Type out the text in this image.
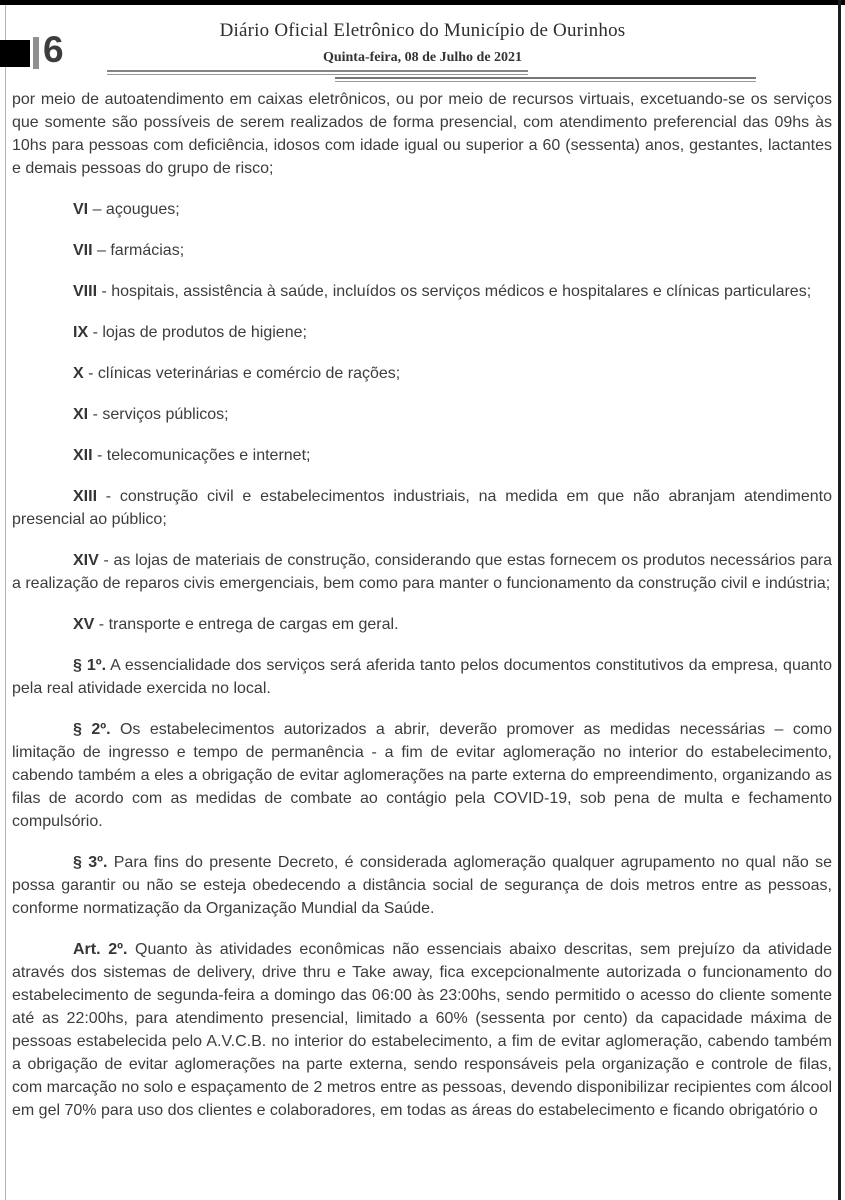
6	Diário Oficial Eletrônico do Município de Ourinhos
Quinta-feira, 08 de Julho de 2021

por meio de autoatendimento em caixas eletrônicos, ou por meio de recursos virtuais, excetuando-se os serviços que somente são possíveis de serem realizados de forma presencial, com atendimento preferencial das 09hs às 10hs para pessoas com deficiência, idosos com idade igual ou superior a 60 (sessenta) anos, gestantes, lactantes e demais pessoas do grupo de risco;

VI – açougues;

VII – farmácias;

VIII - hospitais, assistência à saúde, incluídos os serviços médicos e hospitalares e clínicas particulares;

IX - lojas de produtos de higiene;

X - clínicas veterinárias e comércio de rações;

XI - serviços públicos;

XII - telecomunicações e internet;

XIII - construção civil e estabelecimentos industriais, na medida em que não abranjam atendimento presencial ao público;

XIV - as lojas de materiais de construção, considerando que estas fornecem os produtos necessários para a realização de reparos civis emergenciais, bem como para manter o funcionamento da construção civil e indústria;

XV - transporte e entrega de cargas em geral.

§ 1º. A essencialidade dos serviços será aferida tanto pelos documentos constitutivos da empresa, quanto pela real atividade exercida no local.

§ 2º. Os estabelecimentos autorizados a abrir, deverão promover as medidas necessárias – como limitação de ingresso e tempo de permanência - a fim de evitar aglomeração no interior do estabelecimento, cabendo também a eles a obrigação de evitar aglomerações na parte externa do empreendimento, organizando as filas de acordo com as medidas de combate ao contágio pela COVID-19, sob pena de multa e fechamento compulsório.

§ 3º. Para fins do presente Decreto, é considerada aglomeração qualquer agrupamento no qual não se possa garantir ou não se esteja obedecendo a distância social de segurança de dois metros entre as pessoas, conforme normatização da Organização Mundial da Saúde.

Art. 2º. Quanto às atividades econômicas não essenciais abaixo descritas, sem prejuízo da atividade através dos sistemas de delivery, drive thru e Take away, fica excepcionalmente autorizada o funcionamento do estabelecimento de segunda-feira a domingo das 06:00 às 23:00hs, sendo permitido o acesso do cliente somente até as 22:00hs, para atendimento presencial, limitado a 60% (sessenta por cento) da capacidade máxima de pessoas estabelecida pelo A.V.C.B. no interior do estabelecimento, a fim de evitar aglomeração, cabendo também a obrigação de evitar aglomerações na parte externa, sendo responsáveis pela organização e controle de filas, com marcação no solo e espaçamento de 2 metros entre as pessoas, devendo disponibilizar recipientes com álcool em gel 70% para uso dos clientes e colaboradores, em todas as áreas do estabelecimento e ficando obrigatório o
